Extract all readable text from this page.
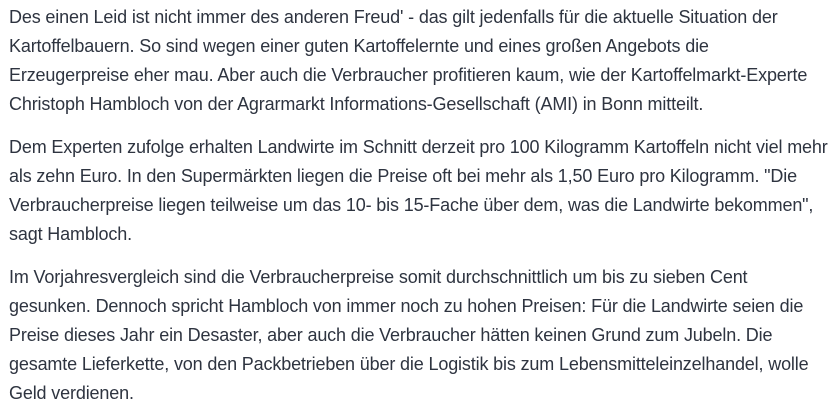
Des einen Leid ist nicht immer des anderen Freud' - das gilt jedenfalls für die aktuelle Situation der Kartoffelbauern. So sind wegen einer guten Kartoffelernte und eines großen Angebots die Erzeugerpreise eher mau. Aber auch die Verbraucher profitieren kaum, wie der Kartoffelmarkt-Experte Christoph Hambloch von der Agrarmarkt Informations-Gesellschaft (AMI) in Bonn mitteilt.

Dem Experten zufolge erhalten Landwirte im Schnitt derzeit pro 100 Kilogramm Kartoffeln nicht viel mehr als zehn Euro. In den Supermärkten liegen die Preise oft bei mehr als 1,50 Euro pro Kilogramm. "Die Verbraucherpreise liegen teilweise um das 10- bis 15-Fache über dem, was die Landwirte bekommen", sagt Hambloch.

Im Vorjahresvergleich sind die Verbraucherpreise somit durchschnittlich um bis zu sieben Cent gesunken. Dennoch spricht Hambloch von immer noch zu hohen Preisen: Für die Landwirte seien die Preise dieses Jahr ein Desaster, aber auch die Verbraucher hätten keinen Grund zum Jubeln. Die gesamte Lieferkette, von den Packbetrieben über die Logistik bis zum Lebensmitteleinzelhandel, wolle Geld verdienen.
